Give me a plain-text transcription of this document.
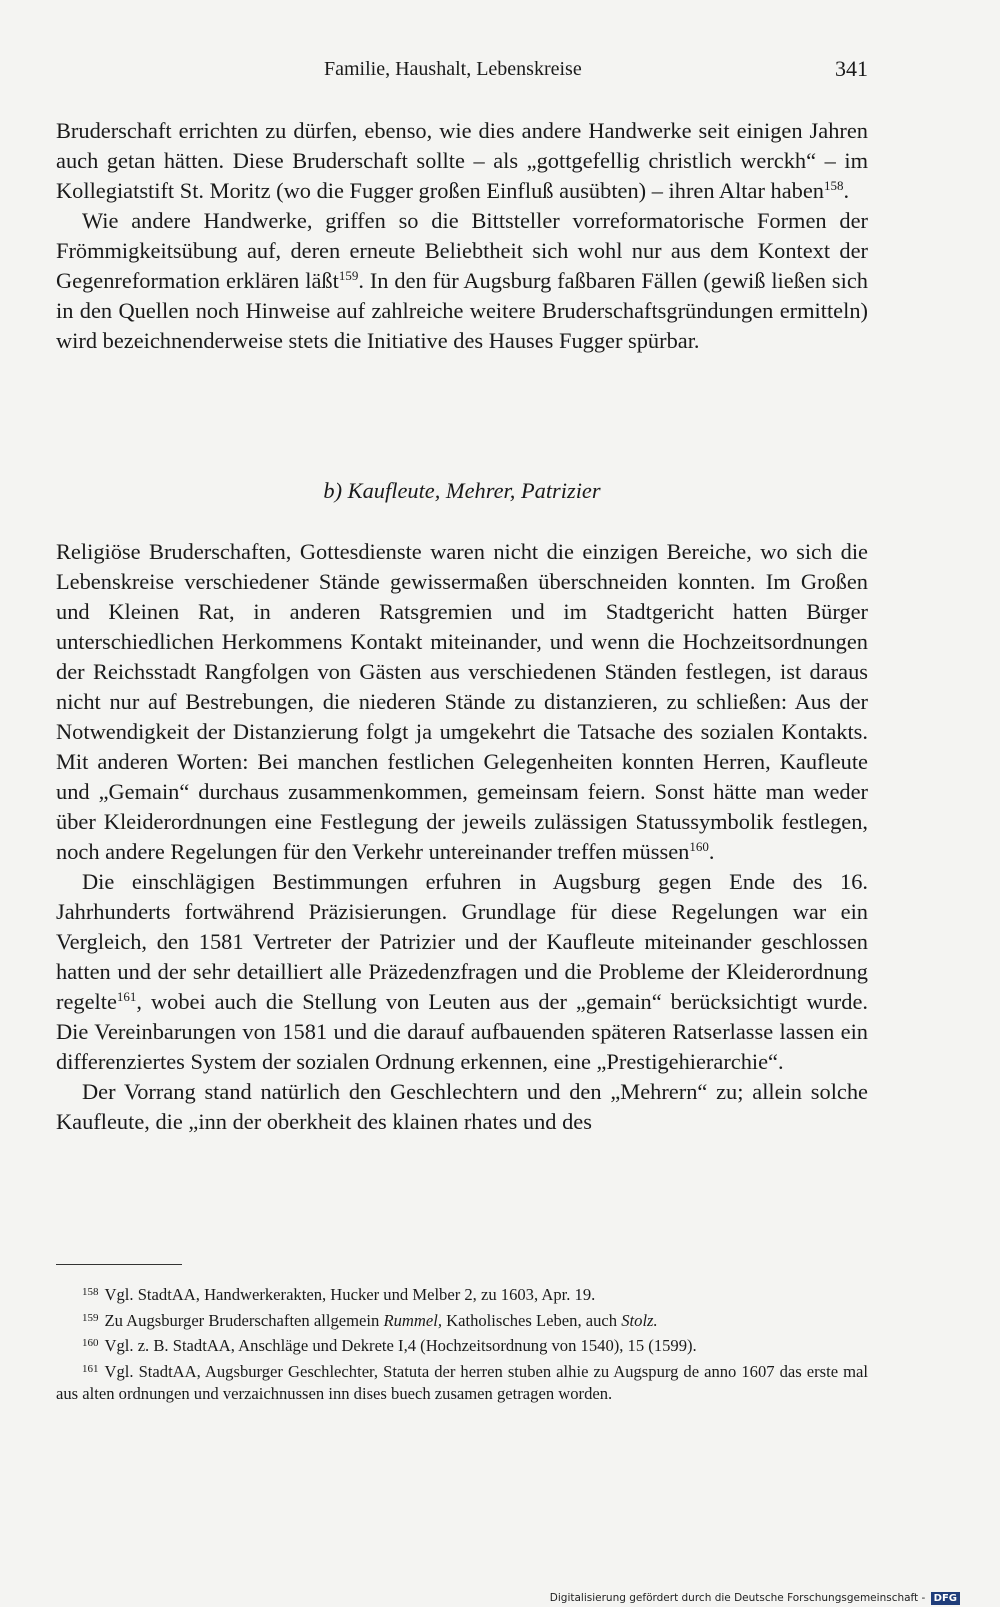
Familie, Haushalt, Lebenskreise	341

Bruderschaft errichten zu dürfen, ebenso, wie dies andere Handwerke seit einigen Jahren auch getan hätten. Diese Bruderschaft sollte – als „gottgefellig christlich werckh“ – im Kollegiatstift St. Moritz (wo die Fugger großen Einfluß ausübten) – ihren Altar haben$^{158}$.

Wie andere Handwerke, griffen so die Bittsteller vorreformatorische Formen der Frömmigkeitsübung auf, deren erneute Beliebtheit sich wohl nur aus dem Kontext der Gegenreformation erklären läßt$^{159}$. In den für Augsburg faßbaren Fällen (gewiß ließen sich in den Quellen noch Hinweise auf zahlreiche weitere Bruderschaftsgründungen ermitteln) wird bezeichnenderweise stets die Initiative des Hauses Fugger spürbar.

b) Kaufleute, Mehrer, Patrizier

Religiöse Bruderschaften, Gottesdienste waren nicht die einzigen Bereiche, wo sich die Lebenskreise verschiedener Stände gewissermaßen überschneiden konnten. Im Großen und Kleinen Rat, in anderen Ratsgremien und im Stadtgericht hatten Bürger unterschiedlichen Herkommens Kontakt miteinander, und wenn die Hochzeitsordnungen der Reichsstadt Rangfolgen von Gästen aus verschiedenen Ständen festlegen, ist daraus nicht nur auf Bestrebungen, die niederen Stände zu distanzieren, zu schließen: Aus der Notwendigkeit der Distanzierung folgt ja umgekehrt die Tatsache des sozialen Kontakts. Mit anderen Worten: Bei manchen festlichen Gelegenheiten konnten Herren, Kaufleute und „Gemain“ durchaus zusammenkommen, gemeinsam feiern. Sonst hätte man weder über Kleiderordnungen eine Festlegung der jeweils zulässigen Statussymbolik festlegen, noch andere Regelungen für den Verkehr untereinander treffen müssen$^{160}$.

Die einschlägigen Bestimmungen erfuhren in Augsburg gegen Ende des 16. Jahrhunderts fortwährend Präzisierungen. Grundlage für diese Regelungen war ein Vergleich, den 1581 Vertreter der Patrizier und der Kaufleute miteinander geschlossen hatten und der sehr detailliert alle Präzedenzfragen und die Probleme der Kleiderordnung regelte$^{161}$, wobei auch die Stellung von Leuten aus der „gemain“ berücksichtigt wurde. Die Vereinbarungen von 1581 und die darauf aufbauenden späteren Ratserlasse lassen ein differenziertes System der sozialen Ordnung erkennen, eine „Prestigehierarchie“.

Der Vorrang stand natürlich den Geschlechtern und den „Mehrern“ zu; allein solche Kaufleute, die „inn der oberkheit des klainen rhates und des

$^{158}$ Vgl. StadtAA, Handwerkerakten, Hucker und Melber 2, zu 1603, Apr. 19.

$^{159}$ Zu Augsburger Bruderschaften allgemein Rummel, Katholisches Leben, auch Stolz.

$^{160}$ Vgl. z. B. StadtAA, Anschläge und Dekrete I,4 (Hochzeitsordnung von 1540), 15 (1599).

$^{161}$ Vgl. StadtAA, Augsburger Geschlechter, Statuta der herren stuben alhie zu Augspurg de anno 1607 das erste mal aus alten ordnungen und verzaichnussen inn dises buech zusamen getragen worden.

Digitalisierung gefördert durch die Deutsche Forschungsgemeinschaft - DFG
